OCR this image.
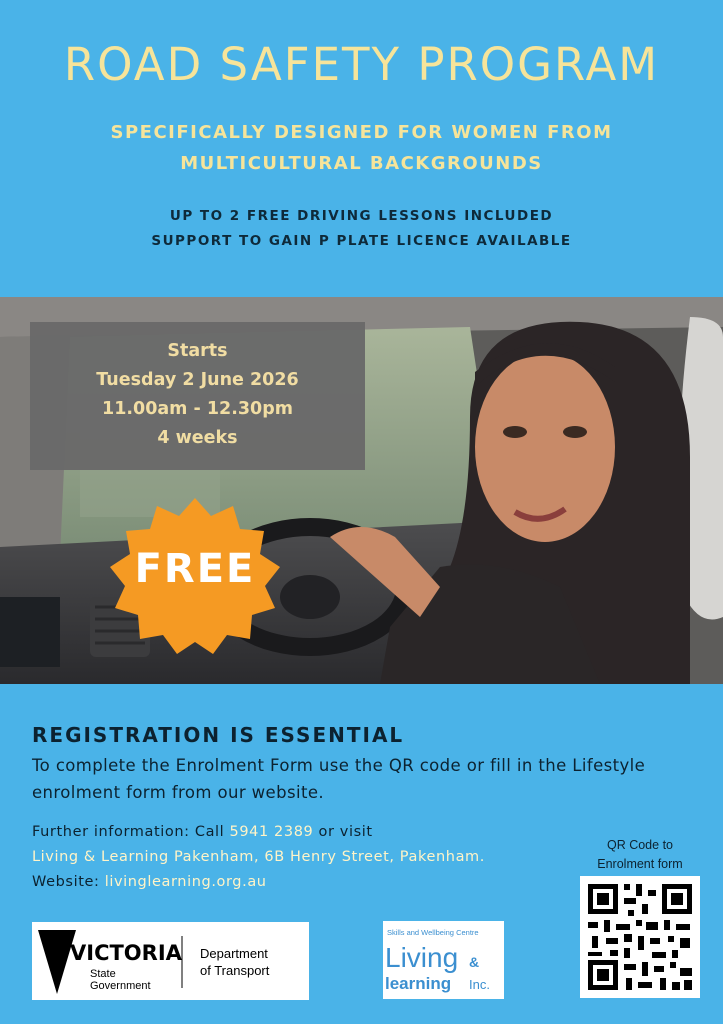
ROAD SAFETY PROGRAM
SPECIFICALLY DESIGNED FOR WOMEN FROM
MULTICULTURAL BACKGROUNDS
UP TO 2 FREE DRIVING LESSONS INCLUDED
SUPPORT TO GAIN P PLATE LICENCE AVAILABLE
Starts
Tuesday 2 June 2026
11.00am - 12.30pm
4 weeks
FREE
REGISTRATION IS ESSENTIAL
To complete the Enrolment Form use the QR code or fill in the Lifestyle enrolment form from our website.
Further information: Call 5941 2389 or visit
Living & Learning Pakenham, 6B Henry Street, Pakenham.
Website: livinglearning.org.au
QR Code to
Enrolment form
VICTORIA
State
Government
Department
of Transport
Skills and Wellbeing Centre
Living &
learning Inc.
